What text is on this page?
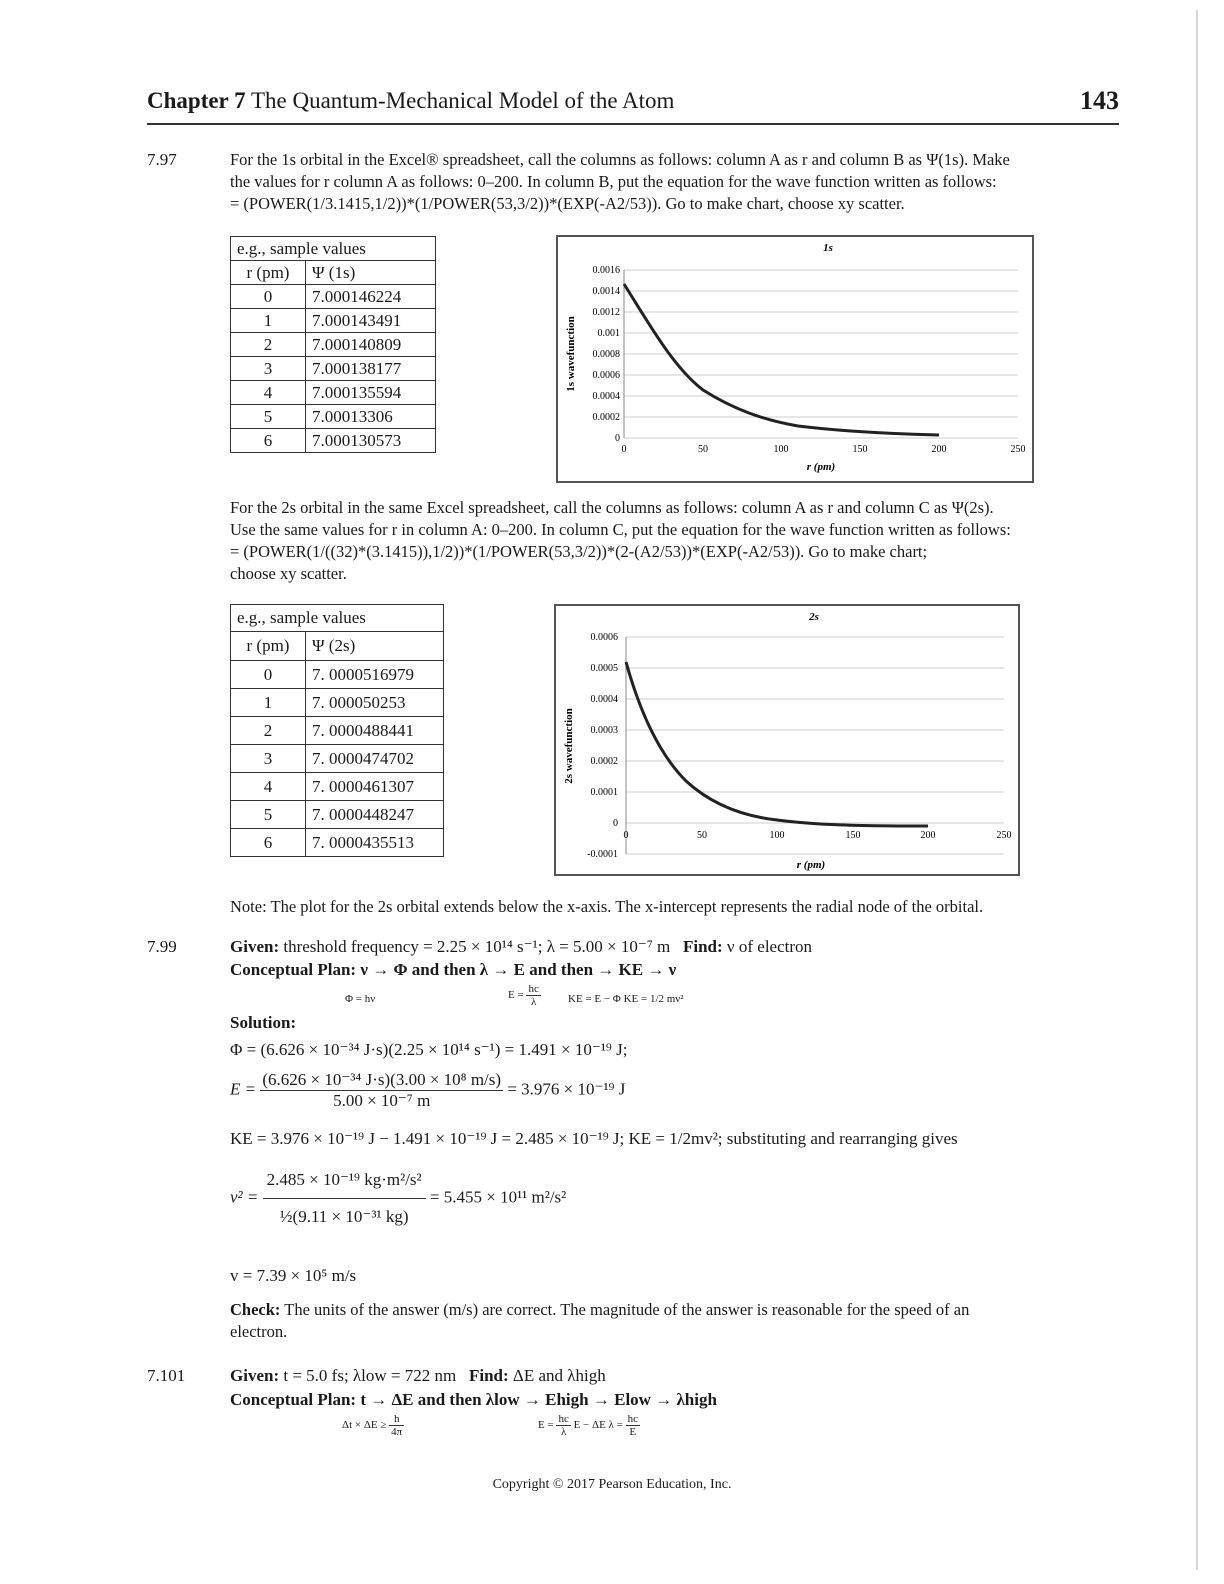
Chapter 7 The Quantum-Mechanical Model of the Atom	143
7.97	For the 1s orbital in the Excel® spreadsheet, call the columns as follows: column A as r and column B as Ψ(1s). Make
the values for r column A as follows: 0–200. In column B, put the equation for the wave function written as follows:
= (POWER(1/3.1415,1/2))*(1/POWER(53,3/2))*(EXP(-A2/53)). Go to make chart, choose xy scatter.
e.g., sample values	
r (pm)	Ψ (1s)
0	7.000146224
1	7.000143491
2	7.000140809
3	7.000138177
4	7.000135594
5	7.00013306
6	7.000130573
1s
0.0016
0.0014
0.0012
0.001
0.0008
0.0006
0.0004
0.0002
0
0	50	100	150	200	250
r (pm)
1s wavefunction
For the 2s orbital in the same Excel spreadsheet, call the columns as follows: column A as r and column C as Ψ(2s).
Use the same values for r in column A: 0–200. In column C, put the equation for the wave function written as follows:
= (POWER(1/((32)*(3.1415)),1/2))*(1/POWER(53,3/2))*(2-(A2/53))*(EXP(-A2/53)). Go to make chart;
choose xy scatter.
e.g., sample values	
r (pm)	Ψ (2s)
0	7. 0000516979
1	7. 000050253
2	7. 0000488441
3	7. 0000474702
4	7. 0000461307
5	7. 0000448247
6	7. 0000435513
2s
0.0006
0.0005
0.0004
0.0003
0.0002
0.0001
0
-0.0001
0	50	100	150	200	250
r (pm)
2s wavefunction
Note: The plot for the 2s orbital extends below the x-axis. The x-intercept represents the radial node of the orbital.
7.99	Given: threshold frequency = 2.25 × 10¹⁴ s⁻¹; λ = 5.00 × 10⁻⁷ m Find: ν of electron
Conceptual Plan: ν → Φ and then λ → E and then → KE → ν
Φ = hν	$E = \frac{hc}{\lambda}$ KE = E − Φ KE = 1/2 mν²
Solution:
Φ = (6.626 × 10⁻³⁴ J·s)(2.25 × 10¹⁴ s⁻¹) = 1.491 × 10⁻¹⁹ J;
$E = \frac{\text{(6.626 × 10⁻³⁴ J·s)(3.00 × 10⁸ m/s)}}{\text{5.00 × 10⁻⁷ m}} = 3.976 \times 10^{-19}$ J
KE = 3.976 × 10⁻¹⁹ J − 1.491 × 10⁻¹⁹ J = 2.485 × 10⁻¹⁹ J; KE = 1/2mv²; substituting and rearranging gives
$v^2 = \frac{\text{2.485 × 10⁻¹⁹ kg·m²/s²}}{\text{½(9.11 × 10⁻³¹ kg)}} = 5.455 \times 10^{11}$ m²/s²
v = 7.39 × 10⁵ m/s
Check: The units of the answer (m/s) are correct. The magnitude of the answer is reasonable for the speed of an
electron.
7.101	Given: t = 5.0 fs; λlow = 722 nm Find: ΔE and λhigh
Conceptual Plan: t → ΔE and then λlow → Ehigh → Elow → λhigh
$\Delta t \times \Delta E \ge \frac{h}{4\pi}$	$E = \frac{hc}{\lambda}$ E − ΔE $\lambda = \frac{hc}{E}$
Copyright © 2017 Pearson Education, Inc.
